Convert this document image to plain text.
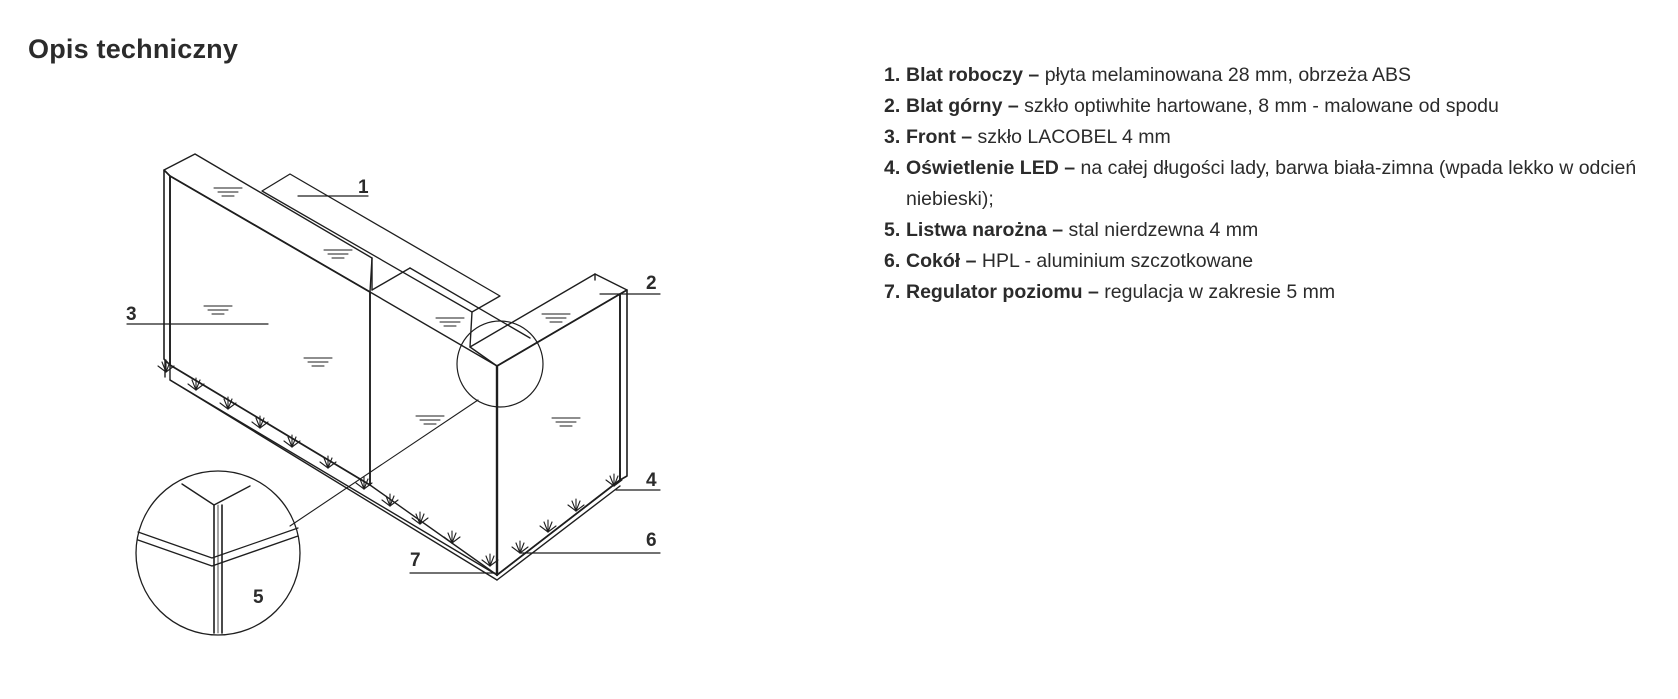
Opis techniczny
1
2
3
4
5
6
7
1. Blat roboczy – płyta melaminowana 28 mm, obrzeża ABS
2. Blat górny – szkło optiwhite hartowane, 8 mm - malowane od spodu
3. Front – szkło LACOBEL 4 mm
4. Oświetlenie LED – na całej długości lady, barwa biała-zimna (wpada lekko w odcień niebieski);
5. Listwa narożna – stal nierdzewna 4 mm
6. Cokół – HPL - aluminium szczotkowane
7. Regulator poziomu – regulacja w zakresie 5 mm
